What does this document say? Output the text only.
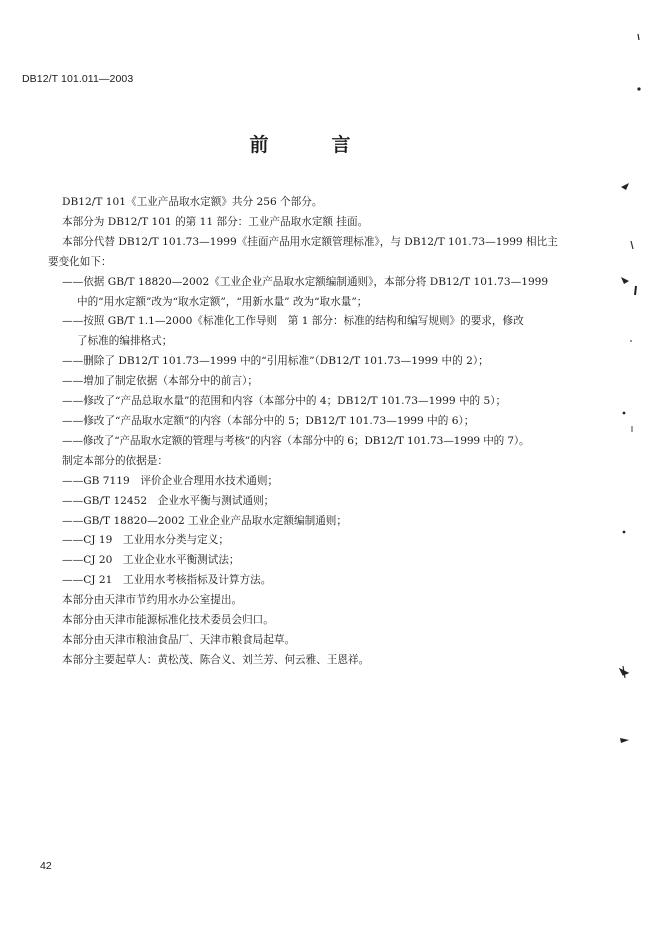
DB12/T 101.011—2003
前　言

DB12/T 101《工业产品取水定额》共分 256 个部分。

本部分为 DB12/T 101 的第 11 部分：工业产品取水定额 挂面。

本部分代替 DB12/T 101.73—1999《挂面产品用水定额管理标准》，与 DB12/T 101.73—1999 相比主要变化如下：

——依据 GB/T 18820—2002《工业企业产品取水定额编制通则》，本部分将 DB12/T 101.73—1999

中的“用水定额”改为“取水定额”，“用新水量” 改为“取水量”；

——按照 GB/T 1.1—2000《标准化工作导则　第 1 部分：标准的结构和编写规则》的要求，修改

了标准的编排格式；

——删除了 DB12/T 101.73—1999 中的“引用标准”（DB12/T 101.73—1999 中的 2）；

——增加了制定依据（本部分中的前言）；

——修改了“产品总取水量”的范围和内容（本部分中的 4；DB12/T 101.73—1999 中的 5）；

——修改了“产品取水定额”的内容（本部分中的 5；DB12/T 101.73—1999 中的 6）；

——修改了“产品取水定额的管理与考核”的内容（本部分中的 6；DB12/T 101.73—1999 中的 7）。

制定本部分的依据是：

——GB 7119　评价企业合理用水技术通则；

——GB/T 12452　企业水平衡与测试通则；

——GB/T 18820—2002 工业企业产品取水定额编制通则；

——CJ 19　工业用水分类与定义；

——CJ 20　工业企业水平衡测试法；

——CJ 21　工业用水考核指标及计算方法。

本部分由天津市节约用水办公室提出。

本部分由天津市能源标准化技术委员会归口。

本部分由天津市粮油食品厂、天津市粮食局起草。

本部分主要起草人：黄松茂、陈合义、刘兰芳、何云雅、王恩祥。

42
